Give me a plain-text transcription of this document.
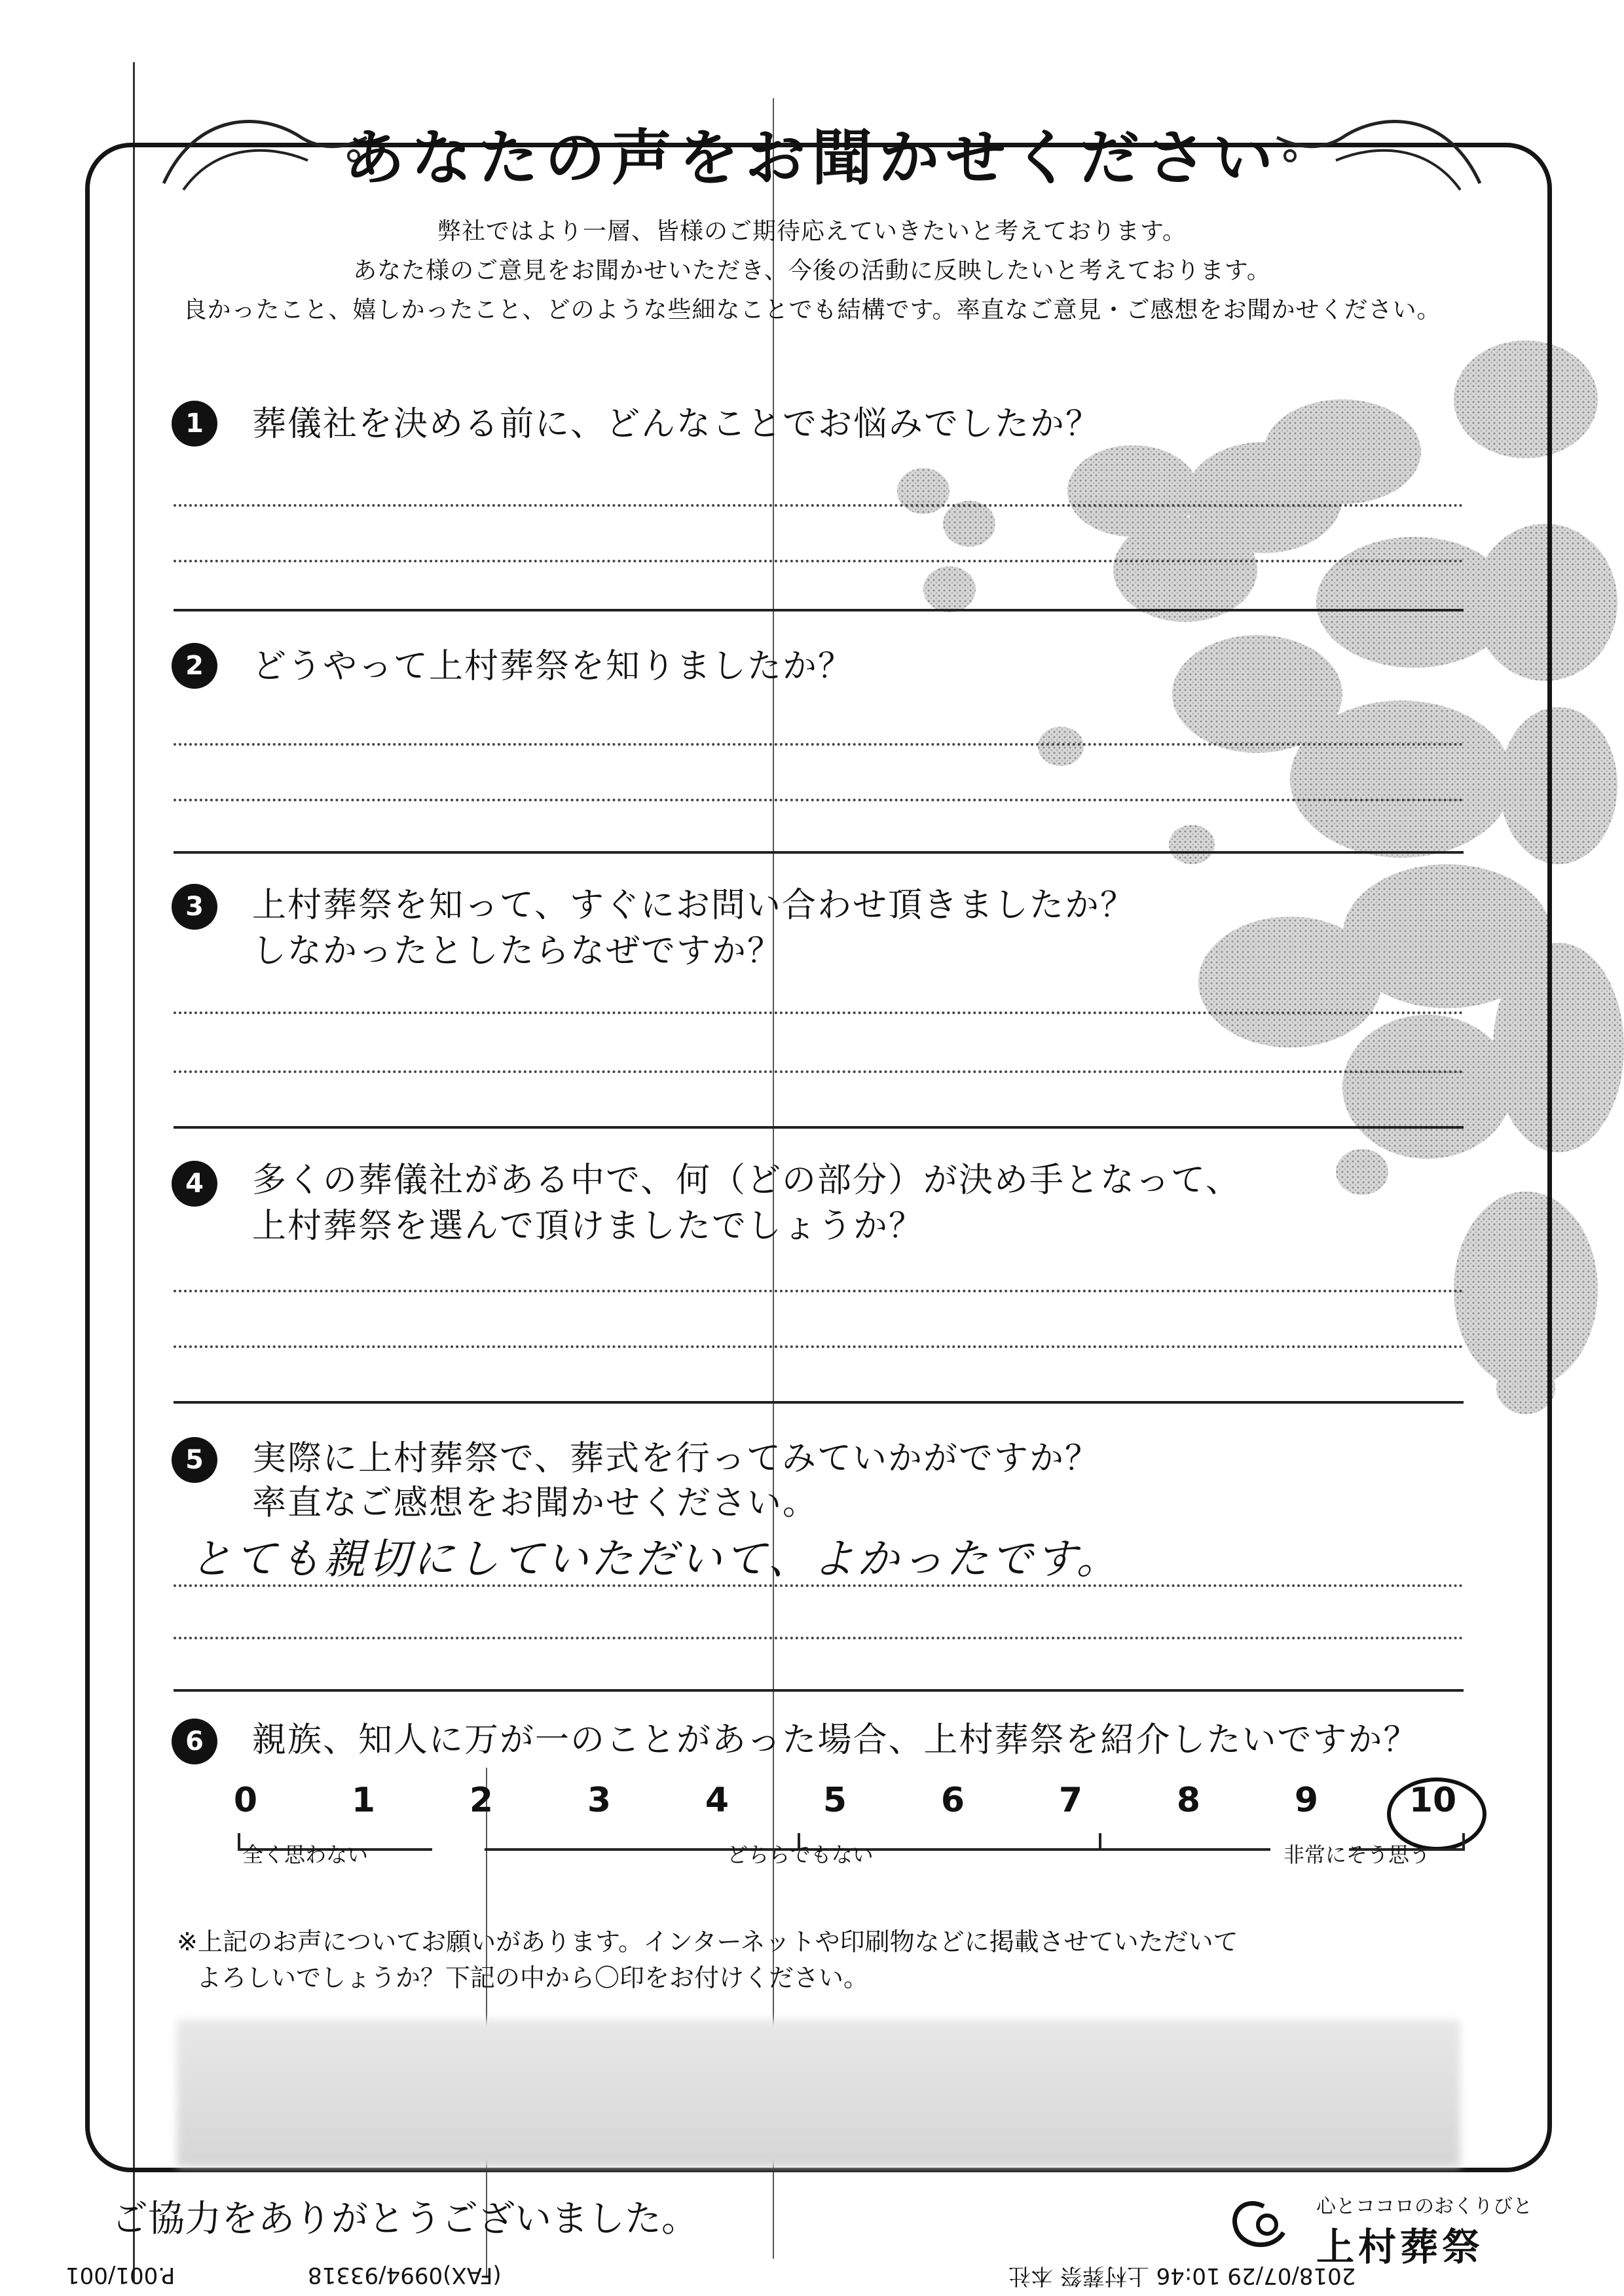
あなたの声をお聞かせください
弊社ではより一層、皆様のご期待応えていきたいと考えております。
あなた様のご意見をお聞かせいただき、今後の活動に反映したいと考えております。
良かったこと、嬉しかったこと、どのような些細なことでも結構です。率直なご意見・ご感想をお聞かせください。
1	葬儀社を決める前に、どんなことでお悩みでしたか？
2	どうやって上村葬祭を知りましたか？
3	上村葬祭を知って、すぐにお問い合わせ頂きましたか？
しなかったとしたらなぜですか？
4	多くの葬儀社がある中で、何（どの部分）が決め手となって、
上村葬祭を選んで頂けましたでしょうか？
5	実際に上村葬祭で、葬式を行ってみていかがですか？
率直なご感想をお聞かせください。
とても親切にしていただいて、よかったです。
6	親族、知人に万が一のことがあった場合、上村葬祭を紹介したいですか？
0	1	2	3	4	5	6	7	8	9	10
全く思わない	どちらでもない	非常にそう思う
※上記のお声についてお願いがあります。インターネットや印刷物などに掲載させていただいて
よろしいでしょうか？下記の中から〇印をお付けください。
ご協力をありがとうございました。	心とココロのおくりびと
上村葬祭
P.001/001	(FAX)0994/93318	2018/07/29 10:46 上村葬祭 本社
